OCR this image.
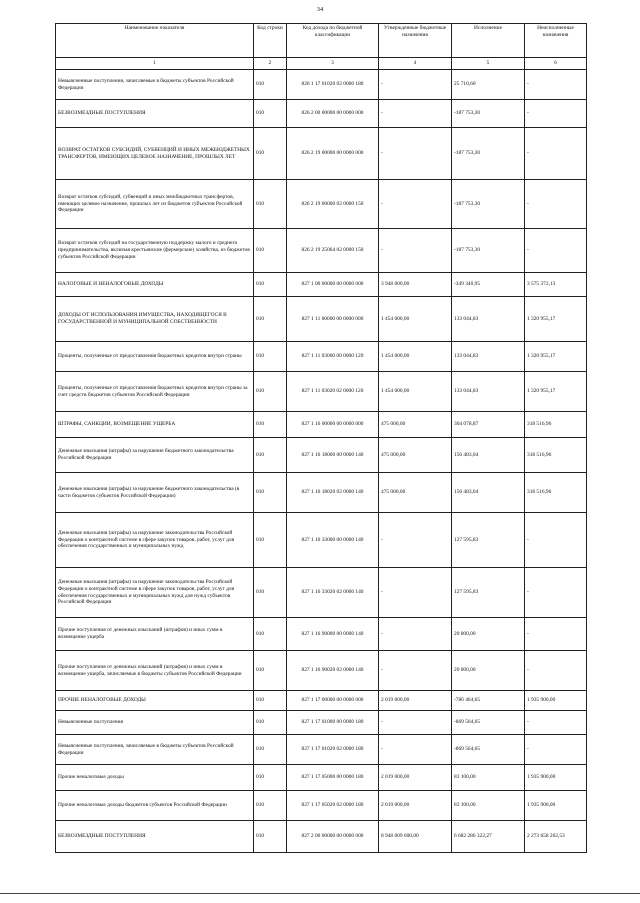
34
Наименование показателя	Код строки	Код дохода по бюджетной классификации	Утвержденные бюджетные назначения	Исполнение	Неисполненные назначения
1	2	3	4	5	6
Невыясненные поступления, зачисляемые в бюджеты субъектов Российской Федерации	010	826 1 17 01020 02 0000 180	-	25 710,60	-
БЕЗВОЗМЕЗДНЫЕ ПОСТУПЛЕНИЯ	010	826 2 00 00000 00 0000 000	-	-187 753,30	-
ВОЗВРАТ ОСТАТКОВ СУБСИДИЙ, СУБВЕНЦИЙ И ИНЫХ МЕЖБЮДЖЕТНЫХ ТРАНСФЕРТОВ, ИМЕЮЩИХ ЦЕЛЕВОЕ НАЗНАЧЕНИЕ, ПРОШЛЫХ ЛЕТ	010	826 2 19 00000 00 0000 000	-	-187 753,30	-
Возврат остатков субсидий, субвенций и иных межбюджетных трансфертов, имеющих целевое назначение, прошлых лет из бюджетов субъектов Российской Федерации	010	826 2 19 00000 02 0000 150	-	-187 753,30	-
Возврат остатков субсидий на государственную поддержку малого и среднего предпринимательства, включая крестьянские (фермерские) хозяйства, из бюджетов субъектов Российской Федерации	010	826 2 19 25064 02 0000 150	-	-187 753,30	-
НАЛОГОВЫЕ И НЕНАЛОГОВЫЕ ДОХОДЫ	010	827 1 00 00000 00 0000 000	3 948 000,00	-349 340,95	3 575 372,13
ДОХОДЫ ОТ ИСПОЛЬЗОВАНИЯ ИМУЩЕСТВА, НАХОДЯЩЕГОСЯ В ГОСУДАРСТВЕННОЙ И МУНИЦИПАЛЬНОЙ СОБСТВЕННОСТИ	010	827 1 11 00000 00 0000 000	1 454 000,00	133 044,83	1 320 955,17
Проценты, полученные от предоставления бюджетных кредитов внутри страны	010	827 1 11 03000 00 0000 120	1 454 000,00	133 044,83	1 320 955,17
Проценты, полученные от предоставления бюджетных кредитов внутри страны за счет средств бюджетов субъектов Российской Федерации	010	827 1 11 03020 02 0000 120	1 454 000,00	133 044,83	1 320 955,17
ШТРАФЫ, САНКЦИИ, ВОЗМЕЩЕНИЕ УЩЕРБА	010	827 1 16 00000 00 0000 000	475 000,00	304 078,87	318 516,96
Денежные взыскания (штрафы) за нарушение бюджетного законодательства Российской Федерации	010	827 1 16 18000 00 0000 140	475 000,00	156 483,04	318 516,96
Денежные взыскания (штрафы) за нарушение бюджетного законодательства (в части бюджетов субъектов Российской Федерации)	010	827 1 16 18020 02 0000 140	475 000,00	156 483,04	318 516,96
Денежные взыскания (штрафы) за нарушение законодательства Российской Федерации о контрактной системе в сфере закупок товаров, работ, услуг для обеспечения государственных и муниципальных нужд	010	827 1 16 33000 00 0000 140	-	127 595,83	-
Денежные взыскания (штрафы) за нарушение законодательства Российской Федерации о контрактной системе в сфере закупок товаров, работ, услуг для обеспечения государственных и муниципальных нужд для нужд субъектов Российской Федерации	010	827 1 16 33020 02 0000 140	-	127 595,83	-
Прочие поступления от денежных взысканий (штрафов) и иных сумм в возмещение ущерба	010	827 1 16 90000 00 0000 140	-	20 000,00	-
Прочие поступления от денежных взысканий (штрафов) и иных сумм в возмещение ущерба, зачисляемые в бюджеты субъектов Российской Федерации	010	827 1 16 90020 02 0000 140	-	20 000,00	-
ПРОЧИЕ НЕНАЛОГОВЫЕ ДОХОДЫ	010	827 1 17 00000 00 0000 000	2 019 000,00	-786 464,65	1 935 900,00
Невыясненные поступления	010	827 1 17 01000 00 0000 180	-	-869 564,65	-
Невыясненные поступления, зачисляемые в бюджеты субъектов Российской Федерации	010	827 1 17 01020 02 0000 180	-	-869 564,65	-
Прочие неналоговые доходы	010	827 1 17 05000 00 0000 180	2 019 000,00	83 100,00	1 935 900,00
Прочие неналоговые доходы бюджетов субъектов Российской Федерации	010	827 1 17 05020 02 0000 180	2 019 000,00	83 100,00	1 935 900,00
БЕЗВОЗМЕЗДНЫЕ ПОСТУПЛЕНИЯ	010	827 2 00 00000 00 0000 000	8 948 009 600,00	6 682 286 322,27	2 273 658 202,53
